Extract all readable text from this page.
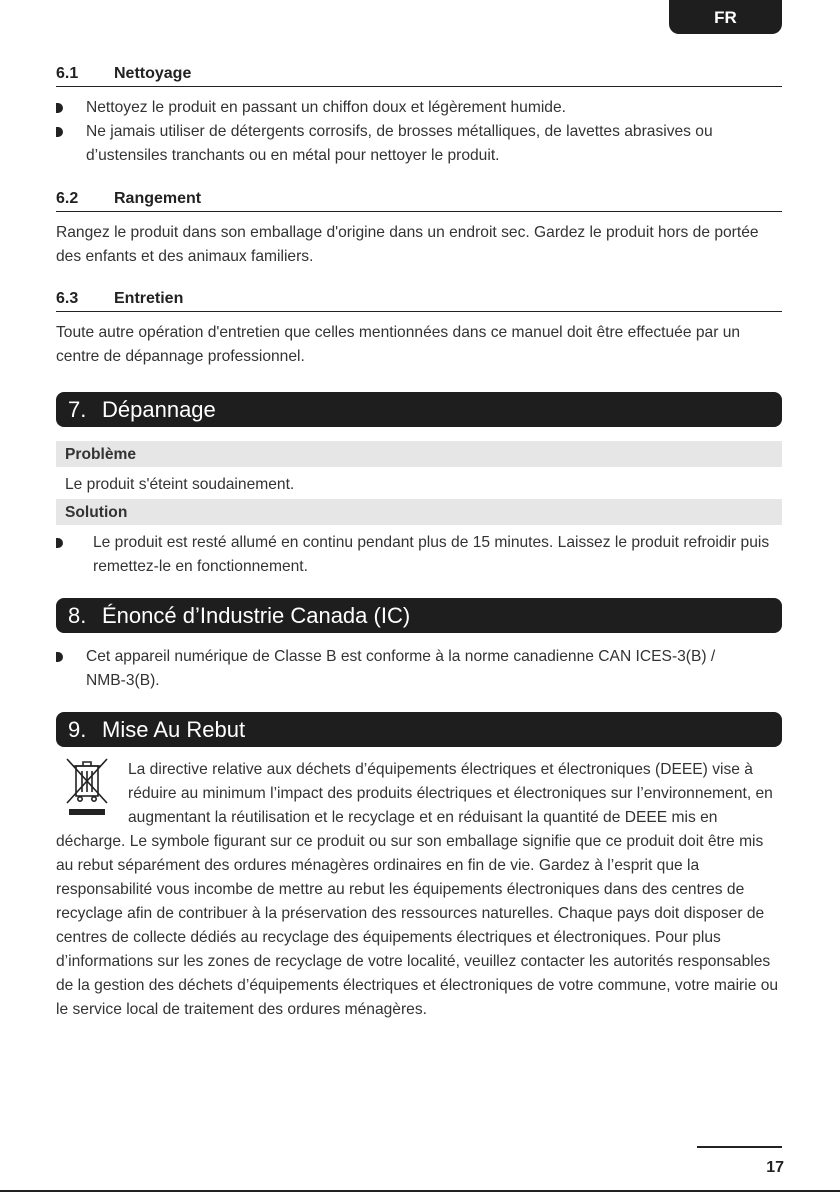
FR
6.1 Nettoyage
Nettoyez le produit en passant un chiffon doux et légèrement humide.
Ne jamais utiliser de détergents corrosifs, de brosses métalliques, de lavettes abrasives ou d’ustensiles tranchants ou en métal pour nettoyer le produit.
6.2 Rangement
Rangez le produit dans son emballage d'origine dans un endroit sec. Gardez le produit hors de portée des enfants et des animaux familiers.
6.3 Entretien
Toute autre opération d'entretien que celles mentionnées dans ce manuel doit être effectuée par un centre de dépannage professionnel.
7. Dépannage
Problème
Le produit s'éteint soudainement.
Solution
Le produit est resté allumé en continu pendant plus de 15 minutes. Laissez le produit refroidir puis remettez-le en fonctionnement.
8. Énoncé d’Industrie Canada (IC)
Cet appareil numérique de Classe B est conforme à la norme canadienne CAN ICES-3(B) / NMB-3(B).
9. Mise Au Rebut
La directive relative aux déchets d’équipements électriques et électroniques (DEEE) vise à réduire au minimum l’impact des produits électriques et électroniques sur l’environnement, en augmentant la réutilisation et le recyclage et en réduisant la quantité de DEEE mis en décharge. Le symbole figurant sur ce produit ou sur son emballage signifie que ce produit doit être mis au rebut séparément des ordures ménagères ordinaires en fin de vie. Gardez à l’esprit que la responsabilité vous incombe de mettre au rebut les équipements électroniques dans des centres de recyclage afin de contribuer à la préservation des ressources naturelles. Chaque pays doit disposer de centres de collecte dédiés au recyclage des équipements électriques et électroniques. Pour plus d’informations sur les zones de recyclage de votre localité, veuillez contacter les autorités responsables de la gestion des déchets d’équipements électriques et électroniques de votre commune, votre mairie ou le service local de traitement des ordures ménagères.
17
